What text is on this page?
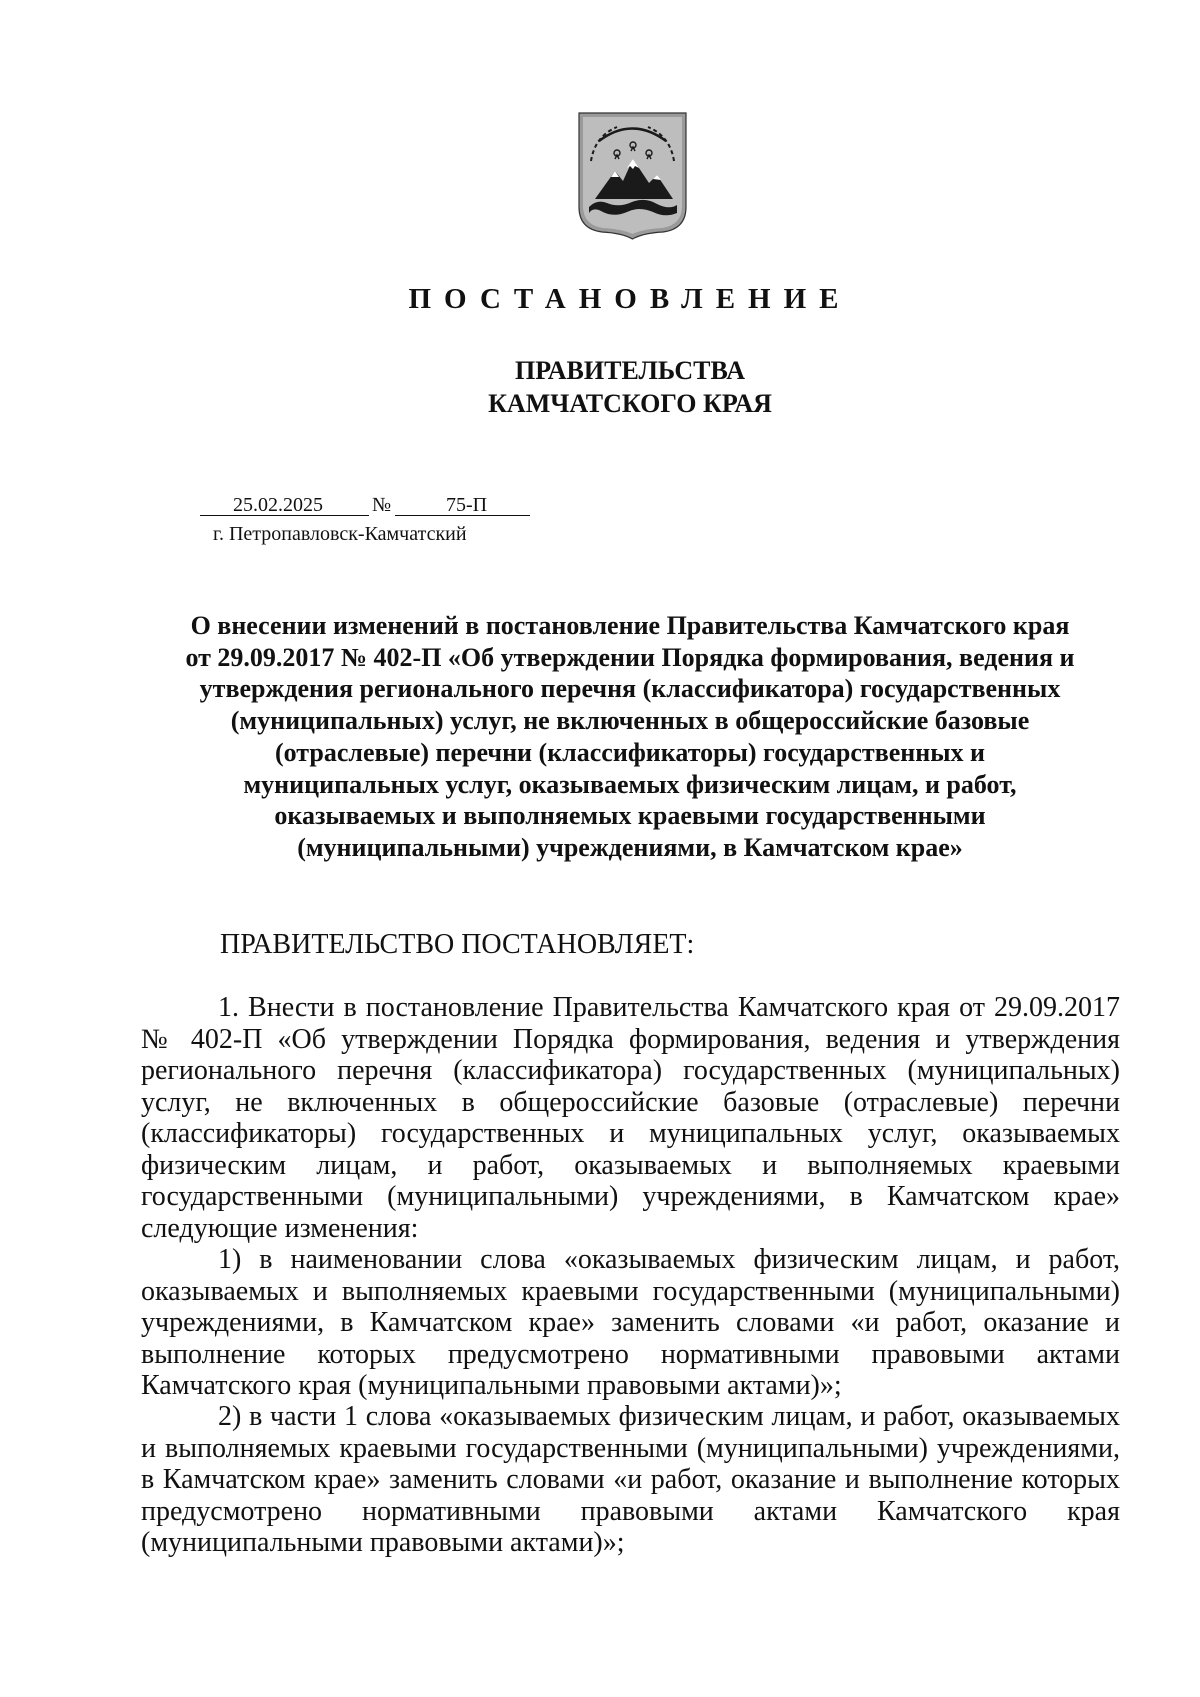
ПОСТАНОВЛЕНИЕ
ПРАВИТЕЛЬСТВА
КАМЧАТСКОГО КРАЯ
25.02.2025 №	75-П
г. Петропавловск-Камчатский
О внесении изменений в постановление Правительства Камчатского края
от 29.09.2017 № 402-П «Об утверждении Порядка формирования, ведения и
утверждения регионального перечня (классификатора) государственных
(муниципальных) услуг, не включенных в общероссийские базовые
(отраслевые) перечни (классификаторы) государственных и
муниципальных услуг, оказываемых физическим лицам, и работ,
оказываемых и выполняемых краевыми государственными
(муниципальными) учреждениями, в Камчатском крае»
ПРАВИТЕЛЬСТВО ПОСТАНОВЛЯЕТ:
1. Внести в постановление Правительства Камчатского края от 29.09.2017
№ 402-П «Об утверждении Порядка формирования, ведения и утверждения
регионального перечня (классификатора) государственных (муниципальных)
услуг, не включенных в общероссийские базовые (отраслевые) перечни
(классификаторы) государственных и муниципальных услуг, оказываемых
физическим лицам, и работ, оказываемых и выполняемых краевыми
государственными (муниципальными) учреждениями, в Камчатском крае»
следующие изменения:
1) в наименовании слова «оказываемых физическим лицам, и работ,
оказываемых и выполняемых краевыми государственными (муниципальными)
учреждениями, в Камчатском крае» заменить словами «и работ, оказание и
выполнение которых предусмотрено нормативными правовыми актами
Камчатского края (муниципальными правовыми актами)»;
2) в части 1 слова «оказываемых физическим лицам, и работ, оказываемых
и выполняемых краевыми государственными (муниципальными) учреждениями,
в Камчатском крае» заменить словами «и работ, оказание и выполнение которых
предусмотрено нормативными правовыми актами Камчатского края
(муниципальными правовыми актами)»;
